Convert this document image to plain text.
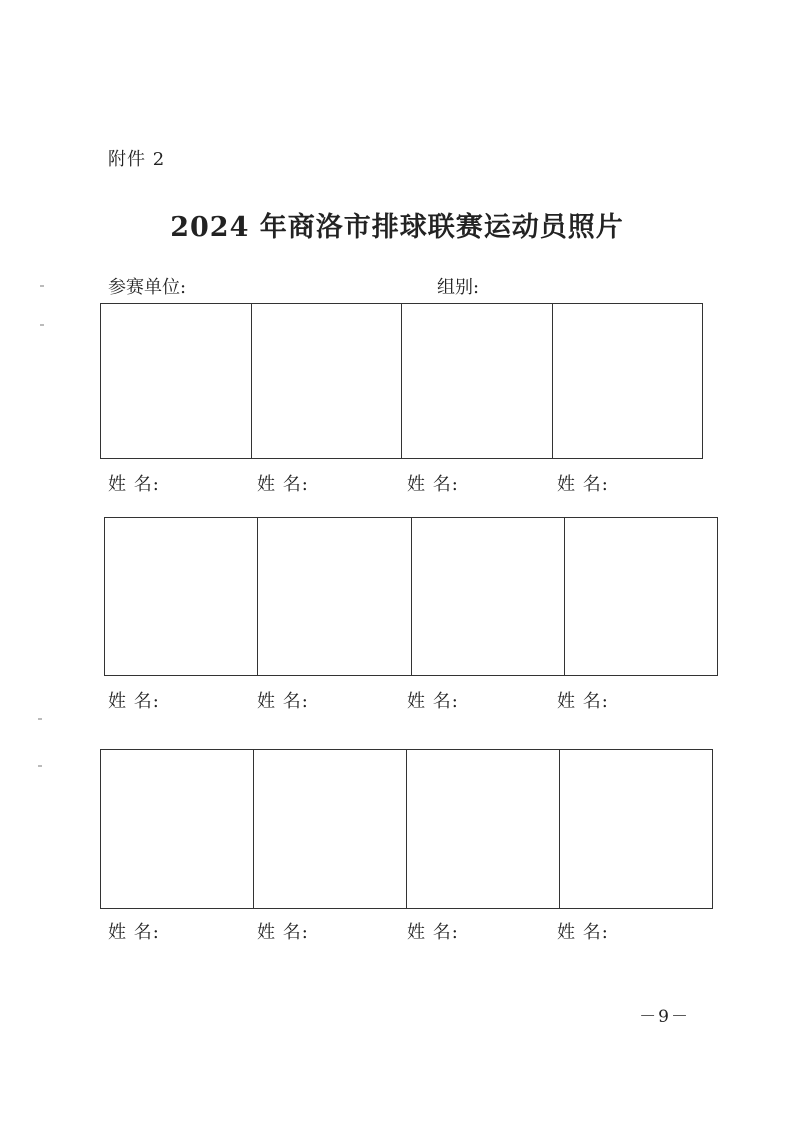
附件 2
2024 年商洛市排球联赛运动员照片
参赛单位:	组别:
姓 名:	姓 名:	姓 名:	姓 名:
姓 名:	姓 名:	姓 名:	姓 名:
姓 名:	姓 名:	姓 名:	姓 名:
－9－
